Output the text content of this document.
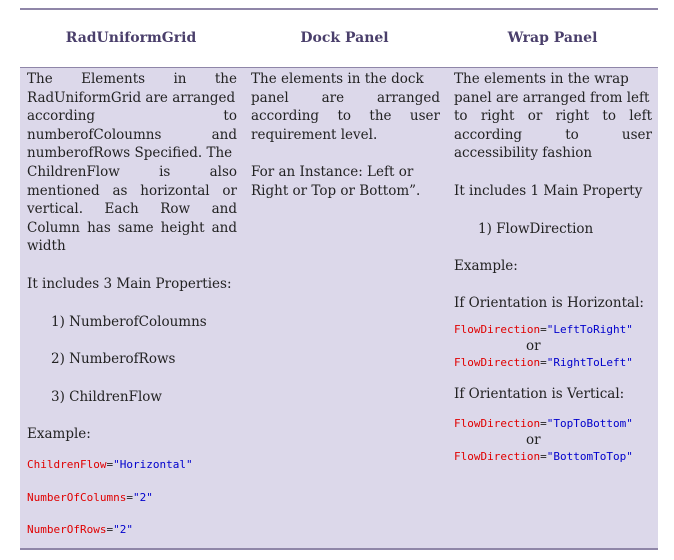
RadUniformGrid	Dock Panel	Wrap Panel

The Elements in the

RadUniformGrid are arranged

according to

numberofColoumns and

numberofRows Specified. The

ChildrenFlow is also

mentioned as horizontal or

vertical. Each Row and

Column has same height and

width

It includes 3 Main Properties:

1) NumberofColoumns

2) NumberofRows

3) ChildrenFlow

Example:

ChildrenFlow="Horizontal"

NumberOfColumns="2"

NumberOfRows="2"

The elements in the dock

panel are arranged

according to the user

requirement level.

For an Instance: Left or

Right or Top or Bottom”.

The elements in the wrap

panel are arranged from left

to right or right to left

according to user

accessibility fashion

It includes 1 Main Property

1) FlowDirection

Example:

If Orientation is Horizontal:

FlowDirection="LeftToRight"

or

FlowDirection="RightToLeft"

If Orientation is Vertical:

FlowDirection="TopToBottom"

or

FlowDirection="BottomToTop"
